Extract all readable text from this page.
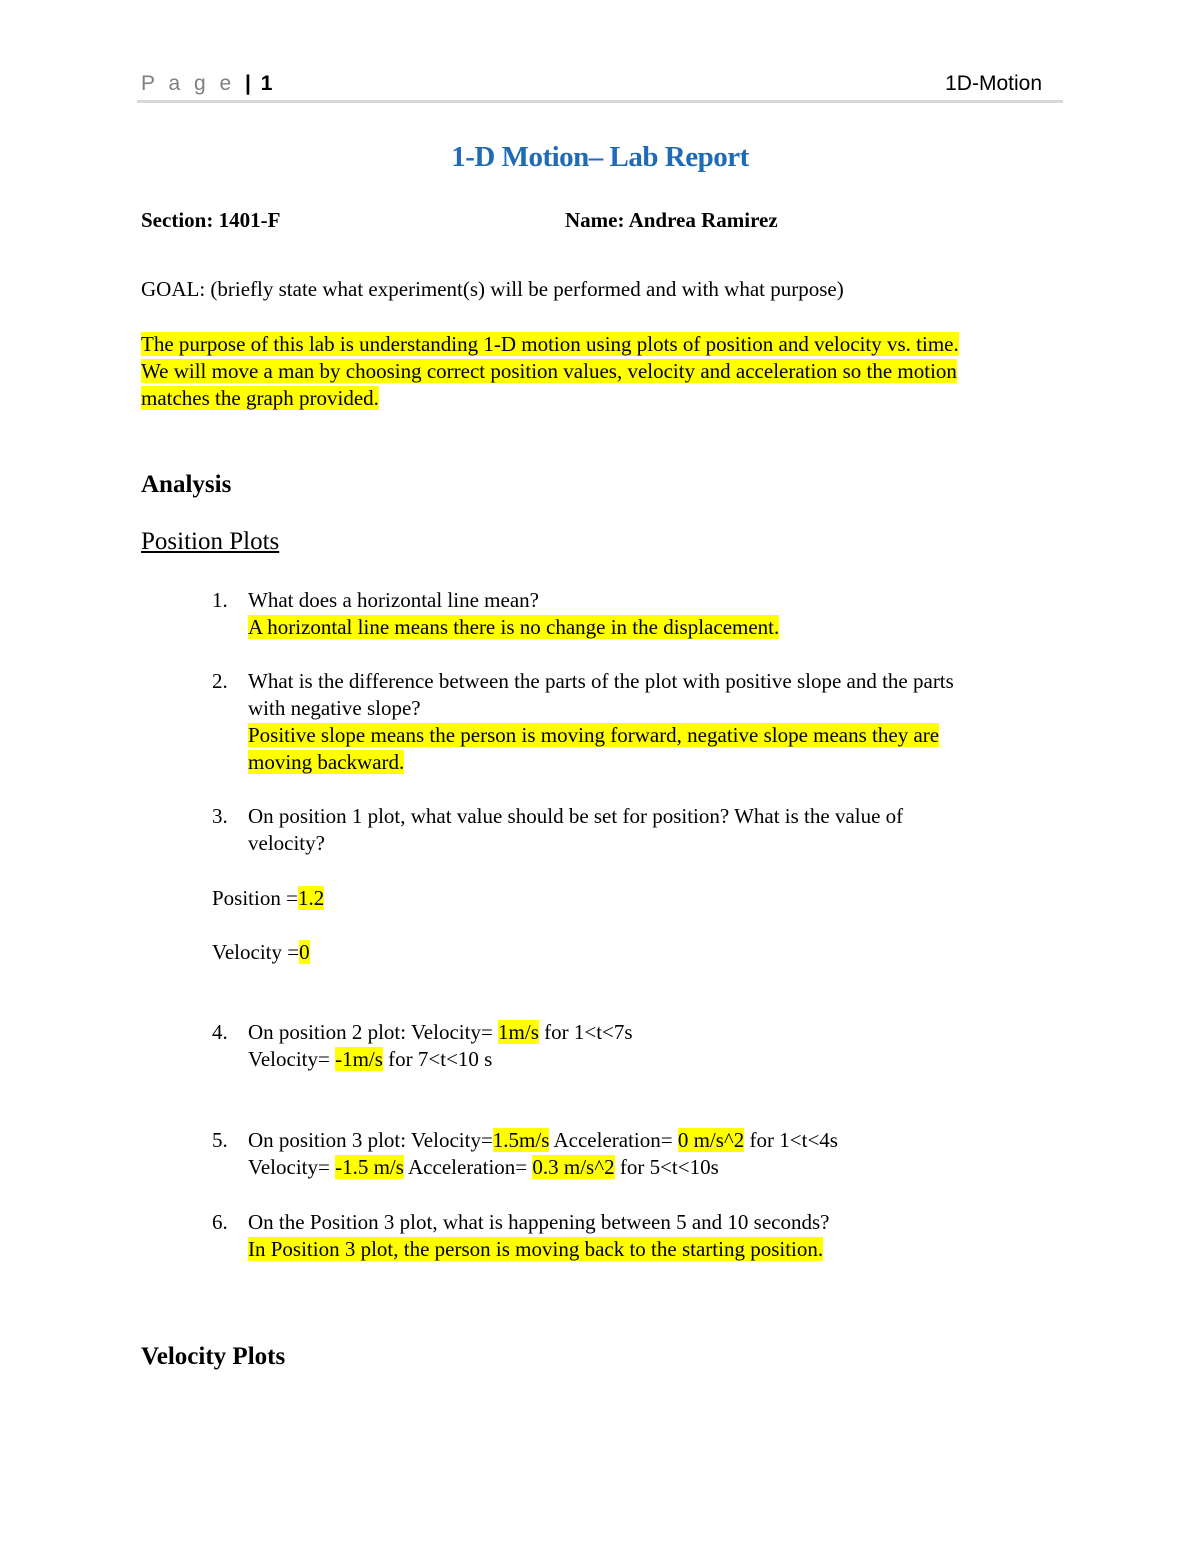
P a g e | 1	1D-Motion
1-D Motion– Lab Report
Section: 1401-F	Name: Andrea Ramirez
GOAL: (briefly state what experiment(s) will be performed and with what purpose)
The purpose of this lab is understanding 1-D motion using plots of position and velocity vs. time.
We will move a man by choosing correct position values, velocity and acceleration so the motion
matches the graph provided.
Analysis
Position Plots
1. What does a horizontal line mean?
A horizontal line means there is no change in the displacement.
2. What is the difference between the parts of the plot with positive slope and the parts
with negative slope?
Positive slope means the person is moving forward, negative slope means they are
moving backward.
3. On position 1 plot, what value should be set for position? What is the value of
velocity?
Position =1.2
Velocity =0
4. On position 2 plot: Velocity= 1m/s for 1<t<7s
Velocity= -1m/s for 7<t<10 s
5. On position 3 plot: Velocity=1.5m/s Acceleration= 0 m/s^2 for 1<t<4s
Velocity= -1.5 m/s Acceleration= 0.3 m/s^2 for 5<t<10s
6. On the Position 3 plot, what is happening between 5 and 10 seconds?
In Position 3 plot, the person is moving back to the starting position.
Velocity Plots
